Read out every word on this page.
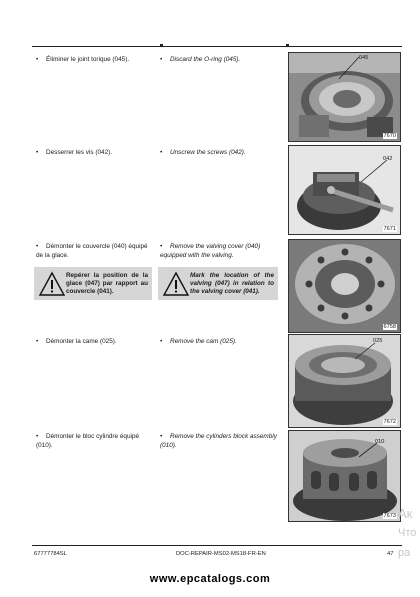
• Éliminer le joint torique (045).	• Discard the O-ring (045).	045
7670
• Desserrer les vis (042).	• Unscrew the screws (042).
042
7671
• Démonter le couvercle (040) équipé de la glace.
• Remove the valving cover (040) equipped with the valving.
Repérer la position de la glace (047) par rapport au couvercle (041).
Mark the location of the valving (047) in relation to the valving cover (041).
6758
• Démonter la came (025).	• Remove the cam (025).	025
7672
• Démonter le bloc cylindre équipé (010).
• Remove the cylinders block assembly (010).	010
7673
67777784SL	DOC-REPAIR-MS02-MS18-FR-EN	47
www.epcatalogs.com
Ак
Что
ра
